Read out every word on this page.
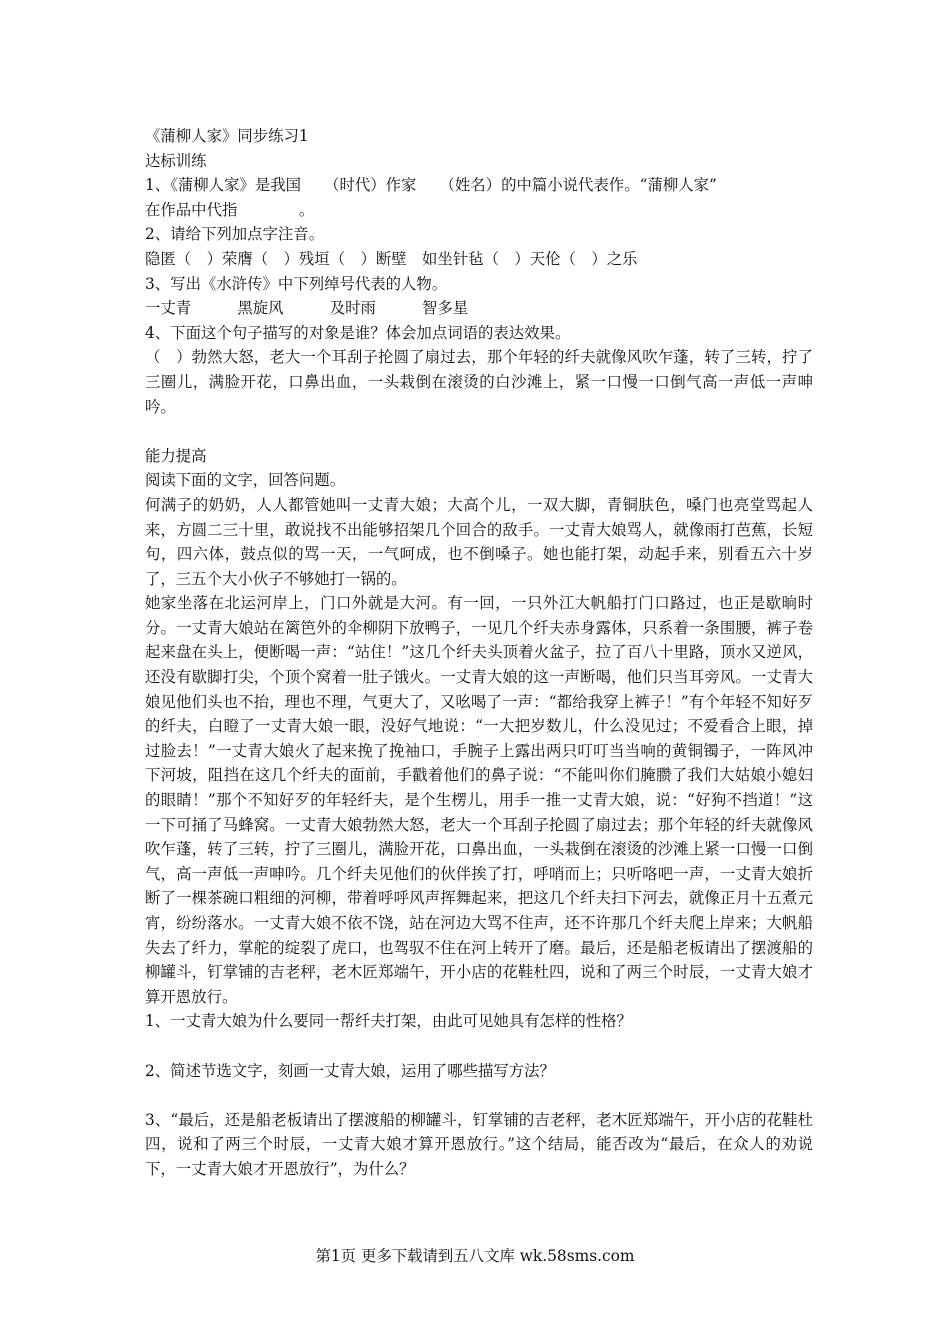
《蒲柳人家》同步练习1
达标训练
1、《蒲柳人家》是我国　　（时代）作家　　（姓名）的中篇小说代表作。“蒲柳人家”
在作品中代指　　　　。
2、请给下列加点字注音。
隐匿（　）荣膺（　）残垣（　）断壁　如坐针毡（　）天伦（　）之乐
3、写出《水浒传》中下列绰号代表的人物。
一丈青　　　黑旋风　　　及时雨　　　智多星
4、下面这个句子描写的对象是谁？体会加点词语的表达效果。
（　）勃然大怒，老大一个耳刮子抡圆了扇过去，那个年轻的纤夫就像风吹乍蓬，转了三转，拧了三圈儿，满脸开花，口鼻出血，一头栽倒在滚烫的白沙滩上，紧一口慢一口倒气高一声低一声呻吟。
能力提高
阅读下面的文字，回答问题。
何满子的奶奶，人人都管她叫一丈青大娘；大高个儿，一双大脚，青铜肤色，嗓门也亮堂骂起人来，方圆二三十里，敢说找不出能够招架几个回合的敌手。一丈青大娘骂人，就像雨打芭蕉，长短句，四六体，鼓点似的骂一天，一气呵成，也不倒嗓子。她也能打架，动起手来，别看五六十岁了，三五个大小伙子不够她打一锅的。
她家坐落在北运河岸上，门口外就是大河。有一回，一只外江大帆船打门口路过，也正是歇晌时分。一丈青大娘站在篱笆外的伞柳阴下放鸭子，一见几个纤夫赤身露体，只系着一条围腰，裤子卷起来盘在头上，便断喝一声：“站住！”这几个纤夫头顶着火盆子，拉了百八十里路，顶水又逆风，还没有歇脚打尖，个顶个窝着一肚子饿火。一丈青大娘的这一声断喝，他们只当耳旁风。一丈青大娘见他们头也不抬，理也不理，气更大了，又吆喝了一声：“都给我穿上裤子！”有个年轻不知好歹的纤夫，白瞪了一丈青大娘一眼，没好气地说：“一大把岁数儿，什么没见过；不爱看合上眼，掉过脸去！”一丈青大娘火了起来挽了挽袖口，手腕子上露出两只叮叮当当响的黄铜镯子，一阵风冲下河坡，阻挡在这几个纤夫的面前，手戳着他们的鼻子说：“不能叫你们腌臜了我们大姑娘小媳妇的眼睛！”那个不知好歹的年轻纤夫，是个生楞儿，用手一推一丈青大娘，说：“好狗不挡道！”这一下可捅了马蜂窝。一丈青大娘勃然大怒，老大一个耳刮子抡圆了扇过去；那个年轻的纤夫就像风吹乍蓬，转了三转，拧了三圈儿，满脸开花，口鼻出血，一头栽倒在滚烫的沙滩上紧一口慢一口倒气，高一声低一声呻吟。几个纤夫见他们的伙伴挨了打，呼哨而上；只听咯吧一声，一丈青大娘折断了一棵茶碗口粗细的河柳，带着呼呼风声挥舞起来，把这几个纤夫扫下河去，就像正月十五煮元宵，纷纷落水。一丈青大娘不依不饶，站在河边大骂不住声，还不许那几个纤夫爬上岸来；大帆船失去了纤力，掌舵的绽裂了虎口，也驾驭不住在河上转开了磨。最后，还是船老板请出了摆渡船的柳罐斗，钉掌铺的吉老秤，老木匠郑端午，开小店的花鞋杜四，说和了两三个时辰，一丈青大娘才算开恩放行。
1、一丈青大娘为什么要同一帮纤夫打架，由此可见她具有怎样的性格？
2、简述节选文字，刻画一丈青大娘，运用了哪些描写方法？
3、“最后，还是船老板请出了摆渡船的柳罐斗，钉掌铺的吉老秤，老木匠郑端午，开小店的花鞋杜四，说和了两三个时辰，一丈青大娘才算开恩放行。”这个结局，能否改为“最后，在众人的劝说下，一丈青大娘才开恩放行”，为什么？
第1页 更多下载请到五八文库 wk.58sms.com
